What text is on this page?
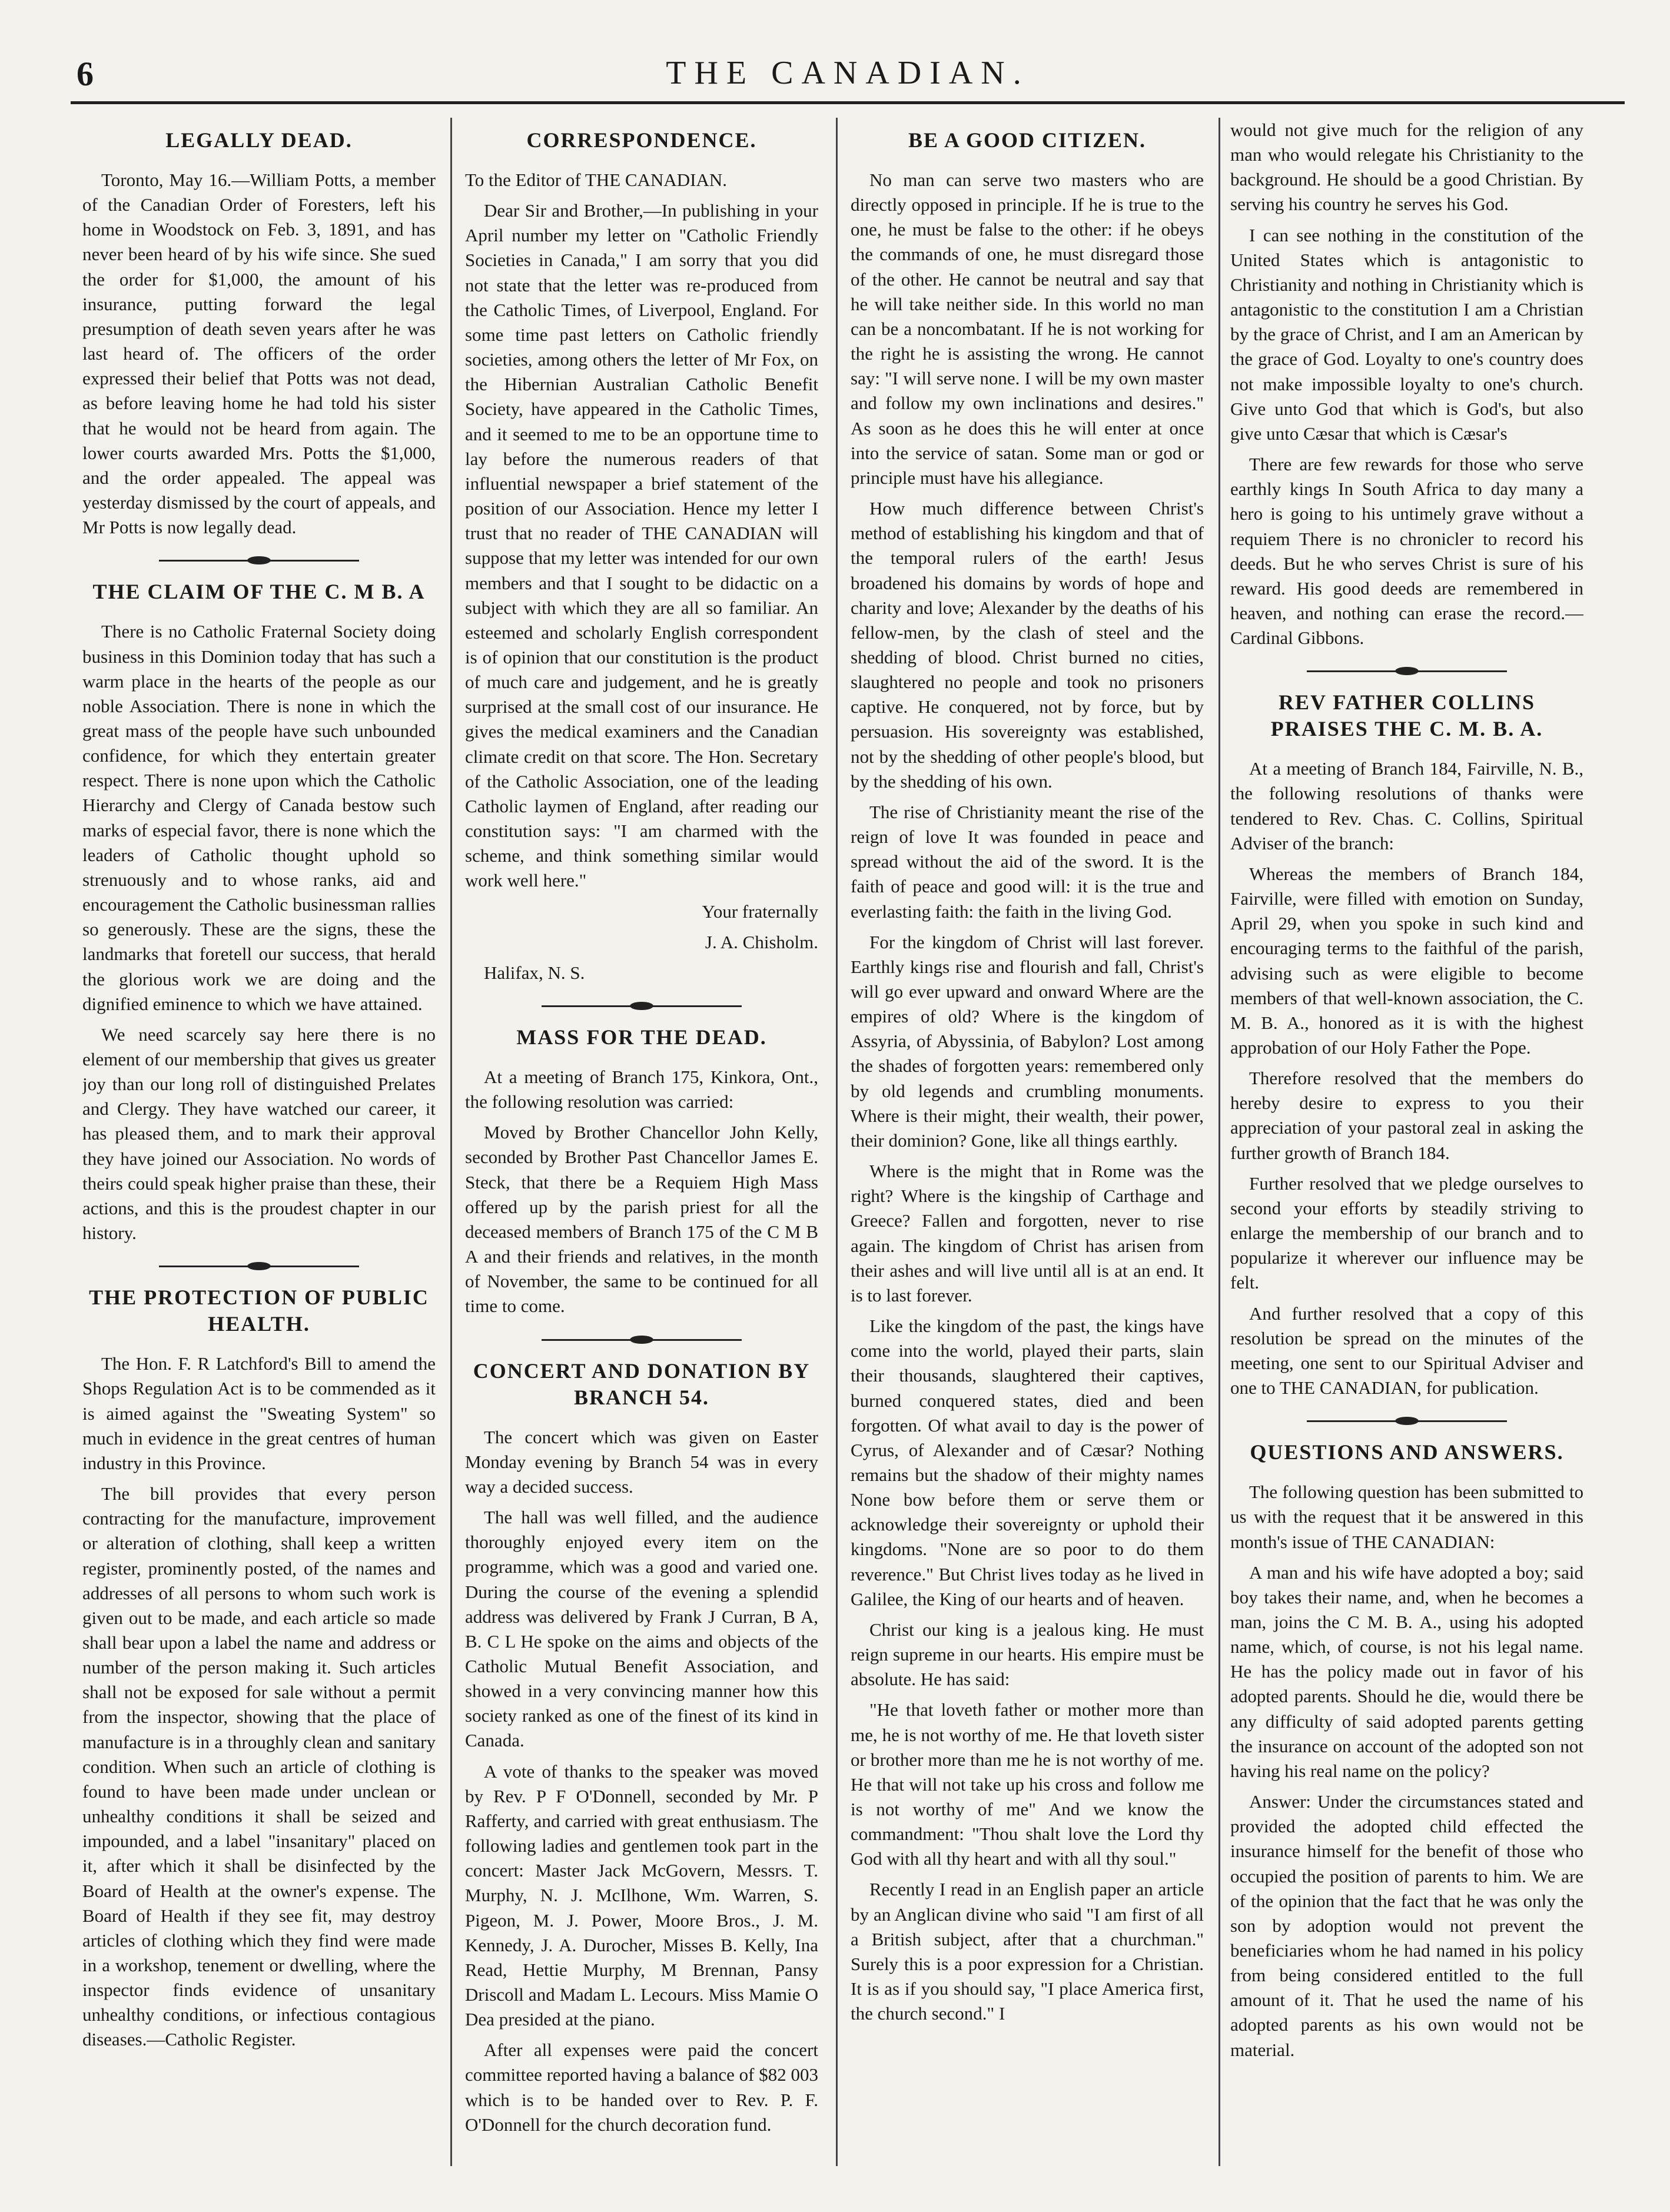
6	THE CANADIAN.
LEGALLY DEAD.

Toronto, May 16.—William Potts, a member of the Canadian Order of Foresters, left his home in Woodstock on Feb. 3, 1891, and has never been heard of by his wife since. She sued the order for $1,000, the amount of his insurance, putting forward the legal presumption of death seven years after he was last heard of. The officers of the order expressed their belief that Potts was not dead, as before leaving home he had told his sister that he would not be heard from again. The lower courts awarded Mrs. Potts the $1,000, and the order appealed. The appeal was yesterday dismissed by the court of appeals, and Mr Potts is now legally dead.

THE CLAIM OF THE C. M B. A

There is no Catholic Fraternal Society doing business in this Dominion today that has such a warm place in the hearts of the people as our noble Association. There is none in which the great mass of the people have such unbounded confidence, for which they entertain greater respect. There is none upon which the Catholic Hierarchy and Clergy of Canada bestow such marks of especial favor, there is none which the leaders of Catholic thought uphold so strenuously and to whose ranks, aid and encouragement the Catholic businessman rallies so generously. These are the signs, these the landmarks that foretell our success, that herald the glorious work we are doing and the dignified eminence to which we have attained.

We need scarcely say here there is no element of our membership that gives us greater joy than our long roll of distinguished Prelates and Clergy. They have watched our career, it has pleased them, and to mark their approval they have joined our Association. No words of theirs could speak higher praise than these, their actions, and this is the proudest chapter in our history.

THE PROTECTION OF PUBLIC HEALTH.

The Hon. F. R Latchford's Bill to amend the Shops Regulation Act is to be commended as it is aimed against the "Sweating System" so much in evidence in the great centres of human industry in this Province.

The bill provides that every person contracting for the manufacture, improvement or alteration of clothing, shall keep a written register, prominently posted, of the names and addresses of all persons to whom such work is given out to be made, and each article so made shall bear upon a label the name and address or number of the person making it. Such articles shall not be exposed for sale without a permit from the inspector, showing that the place of manufacture is in a throughly clean and sanitary condition. When such an article of clothing is found to have been made under unclean or unhealthy conditions it shall be seized and impounded, and a label "insanitary" placed on it, after which it shall be disinfected by the Board of Health at the owner's expense. The Board of Health if they see fit, may destroy articles of clothing which they find were made in a workshop, tenement or dwelling, where the inspector finds evidence of unsanitary unhealthy conditions, or infectious contagious diseases.—Catholic Register.

CORRESPONDENCE.

To the Editor of THE CANADIAN.

Dear Sir and Brother,—In publishing in your April number my letter on "Catholic Friendly Societies in Canada," I am sorry that you did not state that the letter was re-produced from the Catholic Times, of Liverpool, England. For some time past letters on Catholic friendly societies, among others the letter of Mr Fox, on the Hibernian Australian Catholic Benefit Society, have appeared in the Catholic Times, and it seemed to me to be an opportune time to lay before the numerous readers of that influential newspaper a brief statement of the position of our Association. Hence my letter I trust that no reader of THE CANADIAN will suppose that my letter was intended for our own members and that I sought to be didactic on a subject with which they are all so familiar. An esteemed and scholarly English correspondent is of opinion that our constitution is the product of much care and judgement, and he is greatly surprised at the small cost of our insurance. He gives the medical examiners and the Canadian climate credit on that score. The Hon. Secretary of the Catholic Association, one of the leading Catholic laymen of England, after reading our constitution says: "I am charmed with the scheme, and think something similar would work well here."

Your fraternally

J. A. Chisholm.

Halifax, N. S.

MASS FOR THE DEAD.

At a meeting of Branch 175, Kinkora, Ont., the following resolution was carried:

Moved by Brother Chancellor John Kelly, seconded by Brother Past Chancellor James E. Steck, that there be a Requiem High Mass offered up by the parish priest for all the deceased members of Branch 175 of the C M B A and their friends and relatives, in the month of November, the same to be continued for all time to come.

CONCERT AND DONATION BY BRANCH 54.

The concert which was given on Easter Monday evening by Branch 54 was in every way a decided success.

The hall was well filled, and the audience thoroughly enjoyed every item on the programme, which was a good and varied one. During the course of the evening a splendid address was delivered by Frank J Curran, B A, B. C L He spoke on the aims and objects of the Catholic Mutual Benefit Association, and showed in a very convincing manner how this society ranked as one of the finest of its kind in Canada.

A vote of thanks to the speaker was moved by Rev. P F O'Donnell, seconded by Mr. P Rafferty, and carried with great enthusiasm. The following ladies and gentlemen took part in the concert: Master Jack McGovern, Messrs. T. Murphy, N. J. McIlhone, Wm. Warren, S. Pigeon, M. J. Power, Moore Bros., J. M. Kennedy, J. A. Durocher, Misses B. Kelly, Ina Read, Hettie Murphy, M Brennan, Pansy Driscoll and Madam L. Lecours. Miss Mamie O Dea presided at the piano.

After all expenses were paid the concert committee reported having a balance of $82 003 which is to be handed over to Rev. P. F. O'Donnell for the church decoration fund.

BE A GOOD CITIZEN.

No man can serve two masters who are directly opposed in principle. If he is true to the one, he must be false to the other: if he obeys the commands of one, he must disregard those of the other. He cannot be neutral and say that he will take neither side. In this world no man can be a noncombatant. If he is not working for the right he is assisting the wrong. He cannot say: "I will serve none. I will be my own master and follow my own inclinations and desires." As soon as he does this he will enter at once into the service of satan. Some man or god or principle must have his allegiance.

How much difference between Christ's method of establishing his kingdom and that of the temporal rulers of the earth! Jesus broadened his domains by words of hope and charity and love; Alexander by the deaths of his fellow-men, by the clash of steel and the shedding of blood. Christ burned no cities, slaughtered no people and took no prisoners captive. He conquered, not by force, but by persuasion. His sovereignty was established, not by the shedding of other people's blood, but by the shedding of his own.

The rise of Christianity meant the rise of the reign of love It was founded in peace and spread without the aid of the sword. It is the faith of peace and good will: it is the true and everlasting faith: the faith in the living God.

For the kingdom of Christ will last forever. Earthly kings rise and flourish and fall, Christ's will go ever upward and onward Where are the empires of old? Where is the kingdom of Assyria, of Abyssinia, of Babylon? Lost among the shades of forgotten years: remembered only by old legends and crumbling monuments. Where is their might, their wealth, their power, their dominion? Gone, like all things earthly.

Where is the might that in Rome was the right? Where is the kingship of Carthage and Greece? Fallen and forgotten, never to rise again. The kingdom of Christ has arisen from their ashes and will live until all is at an end. It is to last forever.

Like the kingdom of the past, the kings have come into the world, played their parts, slain their thousands, slaughtered their captives, burned conquered states, died and been forgotten. Of what avail to day is the power of Cyrus, of Alexander and of Cæsar? Nothing remains but the shadow of their mighty names None bow before them or serve them or acknowledge their sovereignty or uphold their kingdoms. "None are so poor to do them reverence." But Christ lives today as he lived in Galilee, the King of our hearts and of heaven.

Christ our king is a jealous king. He must reign supreme in our hearts. His empire must be absolute. He has said:

"He that loveth father or mother more than me, he is not worthy of me. He that loveth sister or brother more than me he is not worthy of me. He that will not take up his cross and follow me is not worthy of me" And we know the commandment: "Thou shalt love the Lord thy God with all thy heart and with all thy soul."

Recently I read in an English paper an article by an Anglican divine who said "I am first of all a British subject, after that a churchman." Surely this is a poor expression for a Christian. It is as if you should say, "I place America first, the church second." I

would not give much for the religion of any man who would relegate his Christianity to the background. He should be a good Christian. By serving his country he serves his God.

I can see nothing in the constitution of the United States which is antagonistic to Christianity and nothing in Christianity which is antagonistic to the constitution I am a Christian by the grace of Christ, and I am an American by the grace of God. Loyalty to one's country does not make impossible loyalty to one's church. Give unto God that which is God's, but also give unto Cæsar that which is Cæsar's

There are few rewards for those who serve earthly kings In South Africa to day many a hero is going to his untimely grave without a requiem There is no chronicler to record his deeds. But he who serves Christ is sure of his reward. His good deeds are remembered in heaven, and nothing can erase the record.—Cardinal Gibbons.

REV FATHER COLLINS PRAISES THE C. M. B. A.

At a meeting of Branch 184, Fairville, N. B., the following resolutions of thanks were tendered to Rev. Chas. C. Collins, Spiritual Adviser of the branch:

Whereas the members of Branch 184, Fairville, were filled with emotion on Sunday, April 29, when you spoke in such kind and encouraging terms to the faithful of the parish, advising such as were eligible to become members of that well-known association, the C. M. B. A., honored as it is with the highest approbation of our Holy Father the Pope.

Therefore resolved that the members do hereby desire to express to you their appreciation of your pastoral zeal in asking the further growth of Branch 184.

Further resolved that we pledge ourselves to second your efforts by steadily striving to enlarge the membership of our branch and to popularize it wherever our influence may be felt.

And further resolved that a copy of this resolution be spread on the minutes of the meeting, one sent to our Spiritual Adviser and one to THE CANADIAN, for publication.

QUESTIONS AND ANSWERS.

The following question has been submitted to us with the request that it be answered in this month's issue of THE CANADIAN:

A man and his wife have adopted a boy; said boy takes their name, and, when he becomes a man, joins the C M. B. A., using his adopted name, which, of course, is not his legal name. He has the policy made out in favor of his adopted parents. Should he die, would there be any difficulty of said adopted parents getting the insurance on account of the adopted son not having his real name on the policy?

Answer: Under the circumstances stated and provided the adopted child effected the insurance himself for the benefit of those who occupied the position of parents to him. We are of the opinion that the fact that he was only the son by adoption would not prevent the beneficiaries whom he had named in his policy from being considered entitled to the full amount of it. That he used the name of his adopted parents as his own would not be material.
